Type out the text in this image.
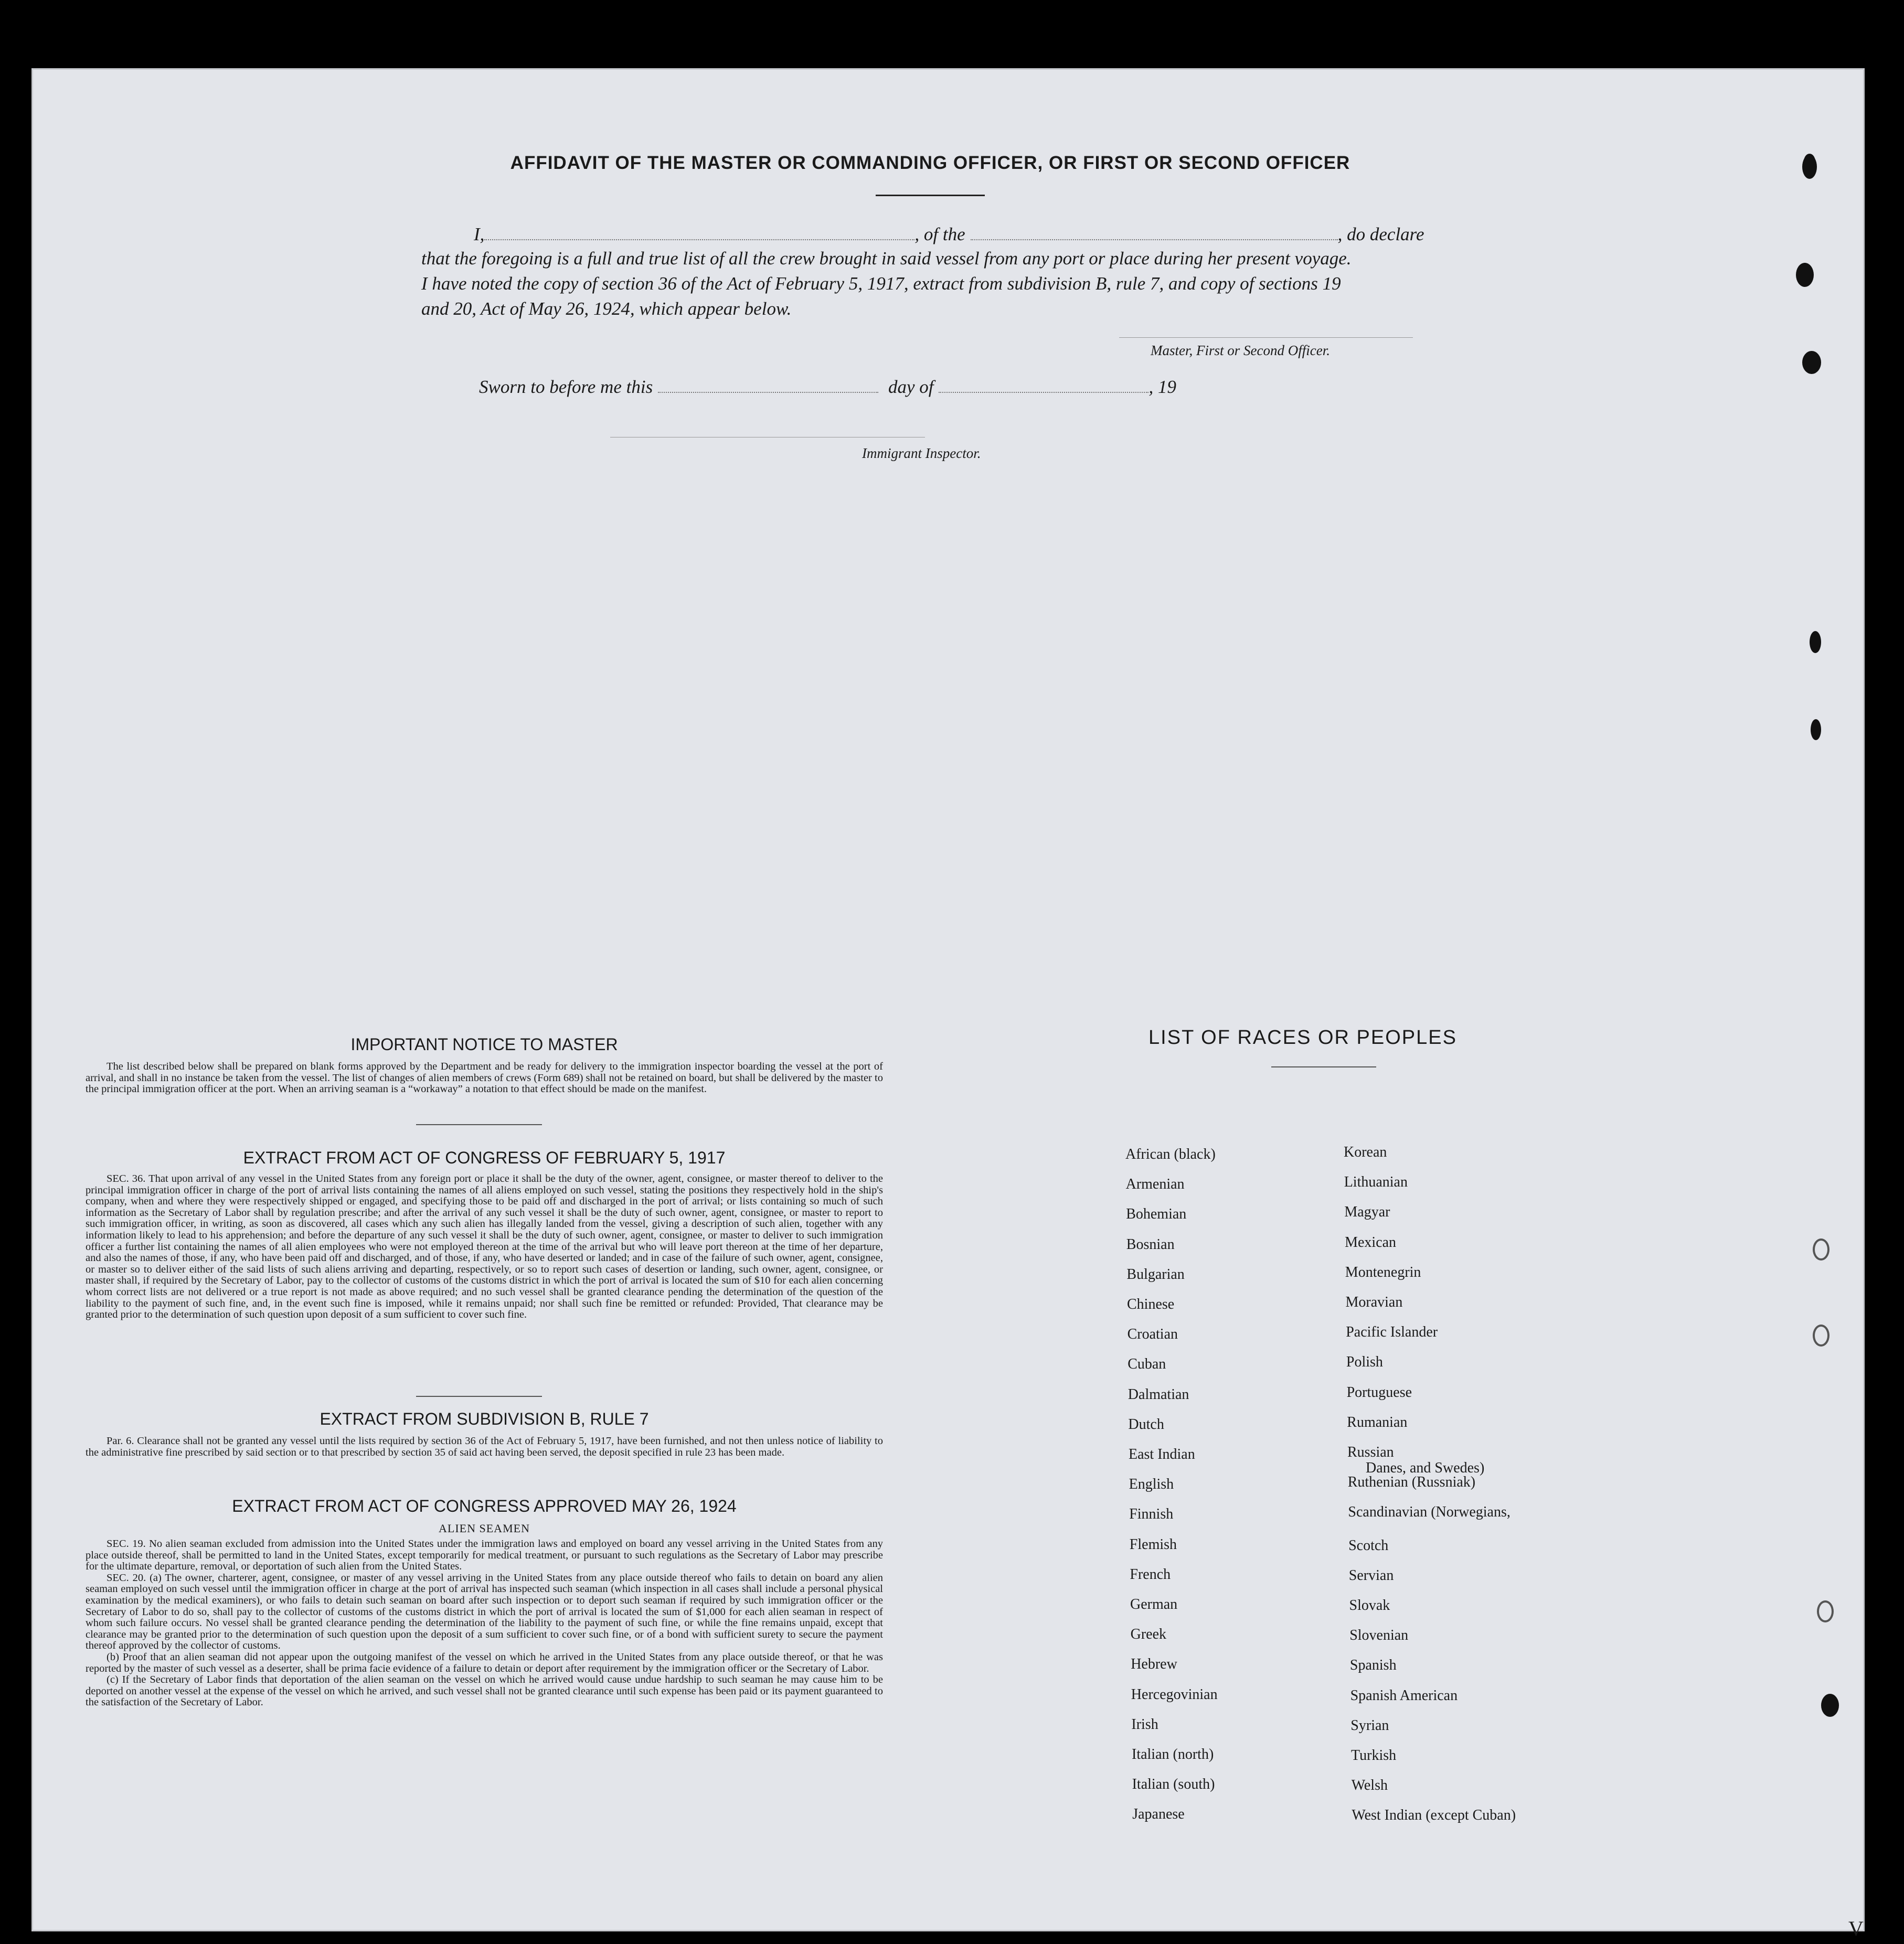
AFFIDAVIT OF THE MASTER OR COMMANDING OFFICER, OR FIRST OR SECOND OFFICER
I,	, of the	, do declare
that the foregoing is a full and true list of all the crew brought in said vessel from any port or place during her present voyage.
I have noted the copy of section 36 of the Act of February 5, 1917, extract from subdivision B, rule 7, and copy of sections 19
and 20, Act of May 26, 1924, which appear below.
Master, First or Second Officer.
Sworn to before me this	day of	, 19
Immigrant Inspector.
IMPORTANT NOTICE TO MASTER

The list described below shall be prepared on blank forms approved by the Department and be ready for delivery to the immigration inspector boarding the vessel at the port of arrival, and shall in no instance be taken from the vessel. The list of changes of alien members of crews (Form 689) shall not be retained on board, but shall be delivered by the master to the principal immigration officer at the port. When an arriving seaman is a “workaway” a notation to that effect should be made on the manifest.

EXTRACT FROM ACT OF CONGRESS OF FEBRUARY 5, 1917

SEC. 36. That upon arrival of any vessel in the United States from any foreign port or place it shall be the duty of the owner, agent, consignee, or master thereof to deliver to the principal immigration officer in charge of the port of arrival lists containing the names of all aliens employed on such vessel, stating the positions they respectively hold in the ship's company, when and where they were respectively shipped or engaged, and specifying those to be paid off and discharged in the port of arrival; or lists containing so much of such information as the Secretary of Labor shall by regulation prescribe; and after the arrival of any such vessel it shall be the duty of such owner, agent, consignee, or master to report to such immigration officer, in writing, as soon as discovered, all cases which any such alien has illegally landed from the vessel, giving a description of such alien, together with any information likely to lead to his apprehension; and before the departure of any such vessel it shall be the duty of such owner, agent, consignee, or master to deliver to such immigration officer a further list containing the names of all alien employees who were not employed thereon at the time of the arrival but who will leave port thereon at the time of her departure, and also the names of those, if any, who have been paid off and discharged, and of those, if any, who have deserted or landed; and in case of the failure of such owner, agent, consignee, or master so to deliver either of the said lists of such aliens arriving and departing, respectively, or so to report such cases of desertion or landing, such owner, agent, consignee, or master shall, if required by the Secretary of Labor, pay to the collector of customs of the customs district in which the port of arrival is located the sum of $10 for each alien concerning whom correct lists are not delivered or a true report is not made as above required; and no such vessel shall be granted clearance pending the determination of the question of the liability to the payment of such fine, and, in the event such fine is imposed, while it remains unpaid; nor shall such fine be remitted or refunded: Provided, That clearance may be granted prior to the determination of such question upon deposit of a sum sufficient to cover such fine.

EXTRACT FROM SUBDIVISION B, RULE 7

Par. 6. Clearance shall not be granted any vessel until the lists required by section 36 of the Act of February 5, 1917, have been furnished, and not then unless notice of liability to the administrative fine prescribed by said section or to that prescribed by section 35 of said act having been served, the deposit specified in rule 23 has been made.

EXTRACT FROM ACT OF CONGRESS APPROVED MAY 26, 1924
ALIEN SEAMEN

SEC. 19. No alien seaman excluded from admission into the United States under the immigration laws and employed on board any vessel arriving in the United States from any place outside thereof, shall be permitted to land in the United States, except temporarily for medical treatment, or pursuant to such regulations as the Secretary of Labor may prescribe for the ultimate departure, removal, or deportation of such alien from the United States.

SEC. 20. (a) The owner, charterer, agent, consignee, or master of any vessel arriving in the United States from any place outside thereof who fails to detain on board any alien seaman employed on such vessel until the immigration officer in charge at the port of arrival has inspected such seaman (which inspection in all cases shall include a personal physical examination by the medical examiners), or who fails to detain such seaman on board after such inspection or to deport such seaman if required by such immigration officer or the Secretary of Labor to do so, shall pay to the collector of customs of the customs district in which the port of arrival is located the sum of $1,000 for each alien seaman in respect of whom such failure occurs. No vessel shall be granted clearance pending the determination of the liability to the payment of such fine, or while the fine remains unpaid, except that clearance may be granted prior to the determination of such question upon the deposit of a sum sufficient to cover such fine, or of a bond with sufficient surety to secure the payment thereof approved by the collector of customs.

(b) Proof that an alien seaman did not appear upon the outgoing manifest of the vessel on which he arrived in the United States from any place outside thereof, or that he was reported by the master of such vessel as a deserter, shall be prima facie evidence of a failure to detain or deport after requirement by the immigration officer or the Secretary of Labor.

(c) If the Secretary of Labor finds that deportation of the alien seaman on the vessel on which he arrived would cause undue hardship to such seaman he may cause him to be deported on another vessel at the expense of the vessel on which he arrived, and such vessel shall not be granted clearance until such expense has been paid or its payment guaranteed to the satisfaction of the Secretary of Labor.

LIST OF RACES OR PEOPLES
African (black)
Armenian
Bohemian
Bosnian
Bulgarian
Chinese
Croatian
Cuban
Dalmatian
Dutch
East Indian
English
Finnish
Flemish
French
German
Greek
Hebrew
Hercegovinian
Irish
Italian (north)
Italian (south)
Japanese
Korean
Lithuanian
Magyar
Mexican
Montenegrin
Moravian
Pacific Islander
Polish
Portuguese
Rumanian
Russian
Ruthenian (Russniak)
Scandinavian (Norwegians,
Scotch
Servian
Slovak
Slovenian
Spanish
Spanish American
Syrian
Turkish
Welsh
West Indian (except Cuban)
Danes, and Swedes)
V
